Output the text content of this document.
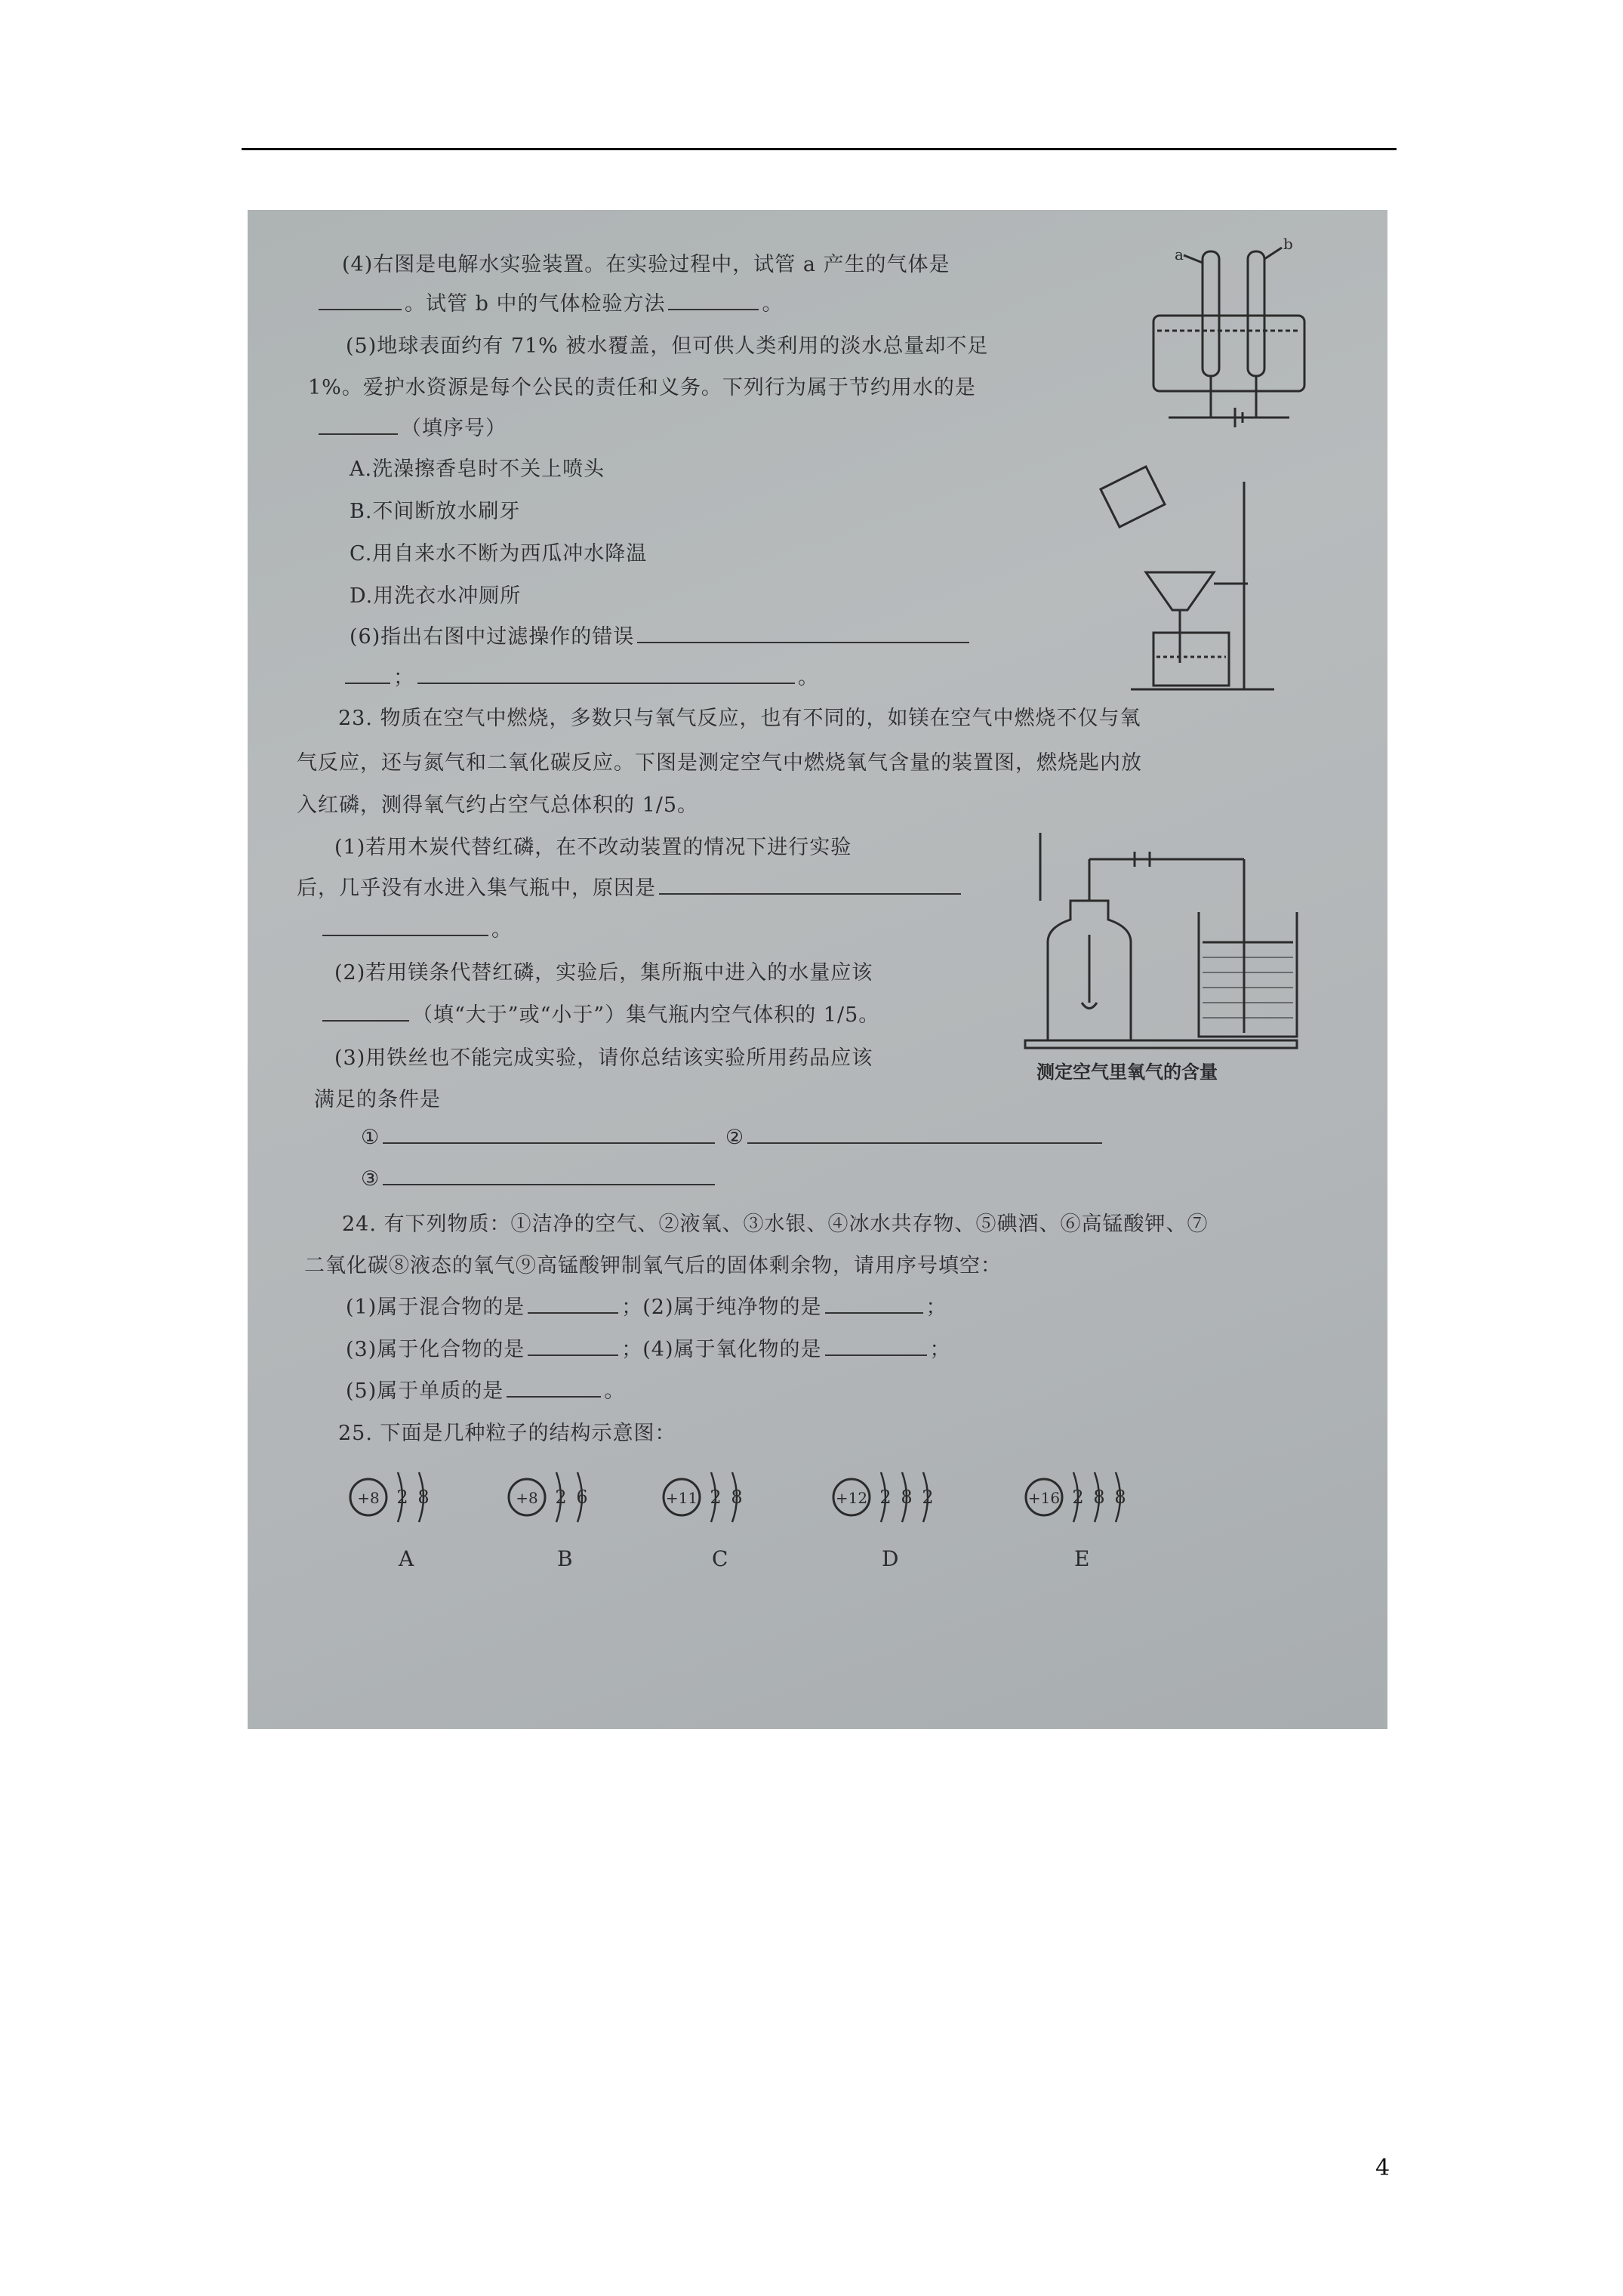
(4)右图是电解水实验装置。在实验过程中，试管 a 产生的气体是
。试管 b 中的气体检验方法	。
(5)地球表面约有 71% 被水覆盖，但可供人类利用的淡水总量却不足
1%。爱护水资源是每个公民的责任和义务。下列行为属于节约用水的是
（填序号）
A.洗澡擦香皂时不关上喷头
B.不间断放水刷牙
C.用自来水不断为西瓜冲水降温
D.用洗衣水冲厕所
(6)指出右图中过滤操作的错误
；	。
a
b
23. 物质在空气中燃烧，多数只与氧气反应，也有不同的，如镁在空气中燃烧不仅与氧
气反应，还与氮气和二氧化碳反应。下图是测定空气中燃烧氧气含量的装置图，燃烧匙内放
入红磷，测得氧气约占空气总体积的 1/5。
(1)若用木炭代替红磷，在不改动装置的情况下进行实验
后，几乎没有水进入集气瓶中，原因是
。
(2)若用镁条代替红磷，实验后，集所瓶中进入的水量应该
（填“大于”或“小于”）集气瓶内空气体积的 1/5。
(3)用铁丝也不能完成实验，请你总结该实验所用药品应该
满足的条件是
①	②
③
测定空气里氧气的含量
24. 有下列物质：①洁净的空气、②液氧、③水银、④冰水共存物、⑤碘酒、⑥高锰酸钾、⑦
二氧化碳⑧液态的氧气⑨高锰酸钾制氧气后的固体剩余物，请用序号填空：
(1)属于混合物的是	；(2)属于纯净物的是	；
(3)属于化合物的是	；(4)属于氧化物的是	；
(5)属于单质的是	。
25. 下面是几种粒子的结构示意图：
+8 2 8
A
+8 2 6
B
+11 2 8
C
+12 2 8 2
D
+16 2 8 8
E
4
